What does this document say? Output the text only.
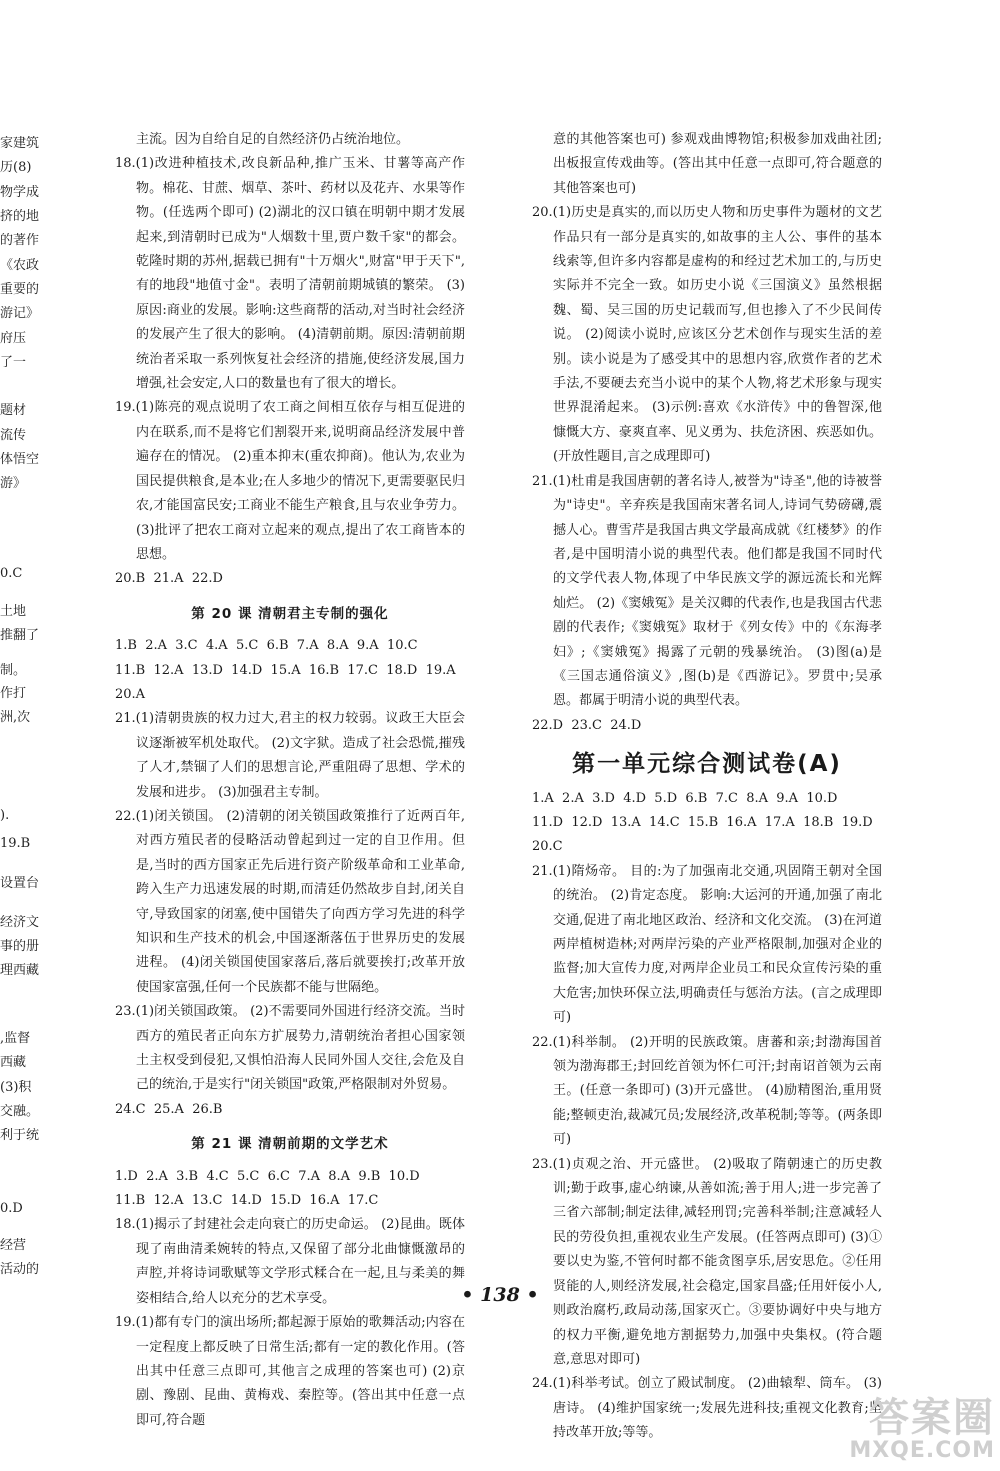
家建筑
历(8)
物学成
挤的地
的著作
《农政
重要的
游记》
府压
了一
题材
流传
体悟空
游》
0.C
土地
推翻了
制。
作打
洲,次
).
19.B
设置台
经济文
事的册
理西藏
,监督
西藏
(3)积
交融。
利于统
0.D
经营
活动的

主流。因为自给自足的自然经济仍占统治地位。

18.(1)改进种植技术,改良新品种,推广玉米、甘薯等高产作物。棉花、甘蔗、烟草、茶叶、药材以及花卉、水果等作物。(任选两个即可) (2)湖北的汉口镇在明朝中期才发展起来,到清朝时已成为"人烟数十里,贾户数千家"的都会。乾隆时期的苏州,据载已拥有"十万烟火",财富"甲于天下",有的地段"地值寸金"。表明了清朝前期城镇的繁荣。 (3)原因:商业的发展。影响:这些商帮的活动,对当时社会经济的发展产生了很大的影响。 (4)清朝前期。原因:清朝前期统治者采取一系列恢复社会经济的措施,使经济发展,国力增强,社会安定,人口的数量也有了很大的增长。

19.(1)陈亮的观点说明了农工商之间相互依存与相互促进的内在联系,而不是将它们割裂开来,说明商品经济发展中普遍存在的情况。 (2)重本抑末(重农抑商)。他认为,农业为国民提供粮食,是本业;在人多地少的情况下,更需要驱民归农,才能国富民安;工商业不能生产粮食,且与农业争劳力。 (3)批评了把农工商对立起来的观点,提出了农工商皆本的思想。

20.B  21.A  22.D

第 20 课 清朝君主专制的强化

1.B  2.A  3.C  4.A  5.C  6.B  7.A  8.A  9.A  10.C

11.B  12.A  13.D  14.D  15.A  16.B  17.C  18.D  19.A

20.A

21.(1)清朝贵族的权力过大,君主的权力较弱。议政王大臣会议逐渐被军机处取代。 (2)文字狱。造成了社会恐慌,摧残了人才,禁锢了人们的思想言论,严重阻碍了思想、学术的发展和进步。 (3)加强君主专制。

22.(1)闭关锁国。 (2)清朝的闭关锁国政策推行了近两百年,对西方殖民者的侵略活动曾起到过一定的自卫作用。但是,当时的西方国家正先后进行资产阶级革命和工业革命,跨入生产力迅速发展的时期,而清廷仍然故步自封,闭关自守,导致国家的闭塞,使中国错失了向西方学习先进的科学知识和生产技术的机会,中国逐渐落伍于世界历史的发展进程。 (4)闭关锁国使国家落后,落后就要挨打;改革开放使国家富强,任何一个民族都不能与世隔绝。

23.(1)闭关锁国政策。 (2)不需要同外国进行经济交流。当时西方的殖民者正向东方扩展势力,清朝统治者担心国家领土主权受到侵犯,又惧怕沿海人民同外国人交往,会危及自己的统治,于是实行"闭关锁国"政策,严格限制对外贸易。

24.C  25.A  26.B

第 21 课 清朝前期的文学艺术

1.D  2.A  3.B  4.C  5.C  6.C  7.A  8.A  9.B  10.D

11.B  12.A  13.C  14.D  15.D  16.A  17.C

18.(1)揭示了封建社会走向衰亡的历史命运。 (2)昆曲。既体现了南曲清柔婉转的特点,又保留了部分北曲慷慨激昂的声腔,并将诗词歌赋等文学形式糅合在一起,且与柔美的舞姿相结合,给人以充分的艺术享受。

19.(1)都有专门的演出场所;都起源于原始的歌舞活动;内容在一定程度上都反映了日常生活;都有一定的教化作用。(答出其中任意三点即可,其他言之成理的答案也可) (2)京剧、豫剧、昆曲、黄梅戏、秦腔等。(答出其中任意一点即可,符合题

意的其他答案也可) 参观戏曲博物馆;积极参加戏曲社团;出板报宣传戏曲等。(答出其中任意一点即可,符合题意的其他答案也可)

20.(1)历史是真实的,而以历史人物和历史事件为题材的文艺作品只有一部分是真实的,如故事的主人公、事件的基本线索等,但许多内容都是虚构的和经过艺术加工的,与历史实际并不完全一致。如历史小说《三国演义》虽然根据魏、蜀、吴三国的历史记载而写,但也掺入了不少民间传说。 (2)阅读小说时,应该区分艺术创作与现实生活的差别。读小说是为了感受其中的思想内容,欣赏作者的艺术手法,不要硬去充当小说中的某个人物,将艺术形象与现实世界混淆起来。 (3)示例:喜欢《水浒传》中的鲁智深,他慷慨大方、豪爽直率、见义勇为、扶危济困、疾恶如仇。(开放性题目,言之成理即可)

21.(1)杜甫是我国唐朝的著名诗人,被誉为"诗圣",他的诗被誉为"诗史"。辛弃疾是我国南宋著名词人,诗词气势磅礴,震撼人心。曹雪芹是我国古典文学最高成就《红楼梦》的作者,是中国明清小说的典型代表。他们都是我国不同时代的文学代表人物,体现了中华民族文学的源远流长和光辉灿烂。 (2)《窦娥冤》是关汉卿的代表作,也是我国古代悲剧的代表作;《窦娥冤》取材于《列女传》中的《东海孝妇》;《窦娥冤》揭露了元朝的残暴统治。 (3)图(a)是《三国志通俗演义》,图(b)是《西游记》。罗贯中;吴承恩。都属于明清小说的典型代表。

22.D  23.C  24.D

第一单元综合测试卷(A)

1.A  2.A  3.D  4.D  5.D  6.B  7.C  8.A  9.A  10.D

11.D  12.D  13.A  14.C  15.B  16.A  17.A  18.B  19.D

20.C

21.(1)隋炀帝。 目的:为了加强南北交通,巩固隋王朝对全国的统治。 (2)肯定态度。 影响:大运河的开通,加强了南北交通,促进了南北地区政治、经济和文化交流。 (3)在河道两岸植树造林;对两岸污染的产业严格限制,加强对企业的监督;加大宣传力度,对两岸企业员工和民众宣传污染的重大危害;加快环保立法,明确责任与惩治方法。(言之成理即可)

22.(1)科举制。 (2)开明的民族政策。唐蕃和亲;封渤海国首领为渤海郡王;封回纥首领为怀仁可汗;封南诏首领为云南王。(任意一条即可) (3)开元盛世。 (4)励精图治,重用贤能;整顿吏治,裁减冗员;发展经济,改革税制;等等。(两条即可)

23.(1)贞观之治、开元盛世。 (2)吸取了隋朝速亡的历史教训;勤于政事,虚心纳谏,从善如流;善于用人;进一步完善了三省六部制;制定法律,减轻刑罚;完善科举制;注意减轻人民的劳役负担,重视农业生产发展。(任答两点即可) (3)①要以史为鉴,不管何时都不能贪图享乐,居安思危。②任用贤能的人,则经济发展,社会稳定,国家昌盛;任用奸佞小人,则政治腐朽,政局动荡,国家灭亡。③要协调好中央与地方的权力平衡,避免地方割据势力,加强中央集权。(符合题意,意思对即可)

24.(1)科举考试。创立了殿试制度。 (2)曲辕犁、筒车。 (3)唐诗。 (4)维护国家统一;发展先进科技;重视文化教育;坚持改革开放;等等。

• 138 •
答案圈
MXQE.COM
